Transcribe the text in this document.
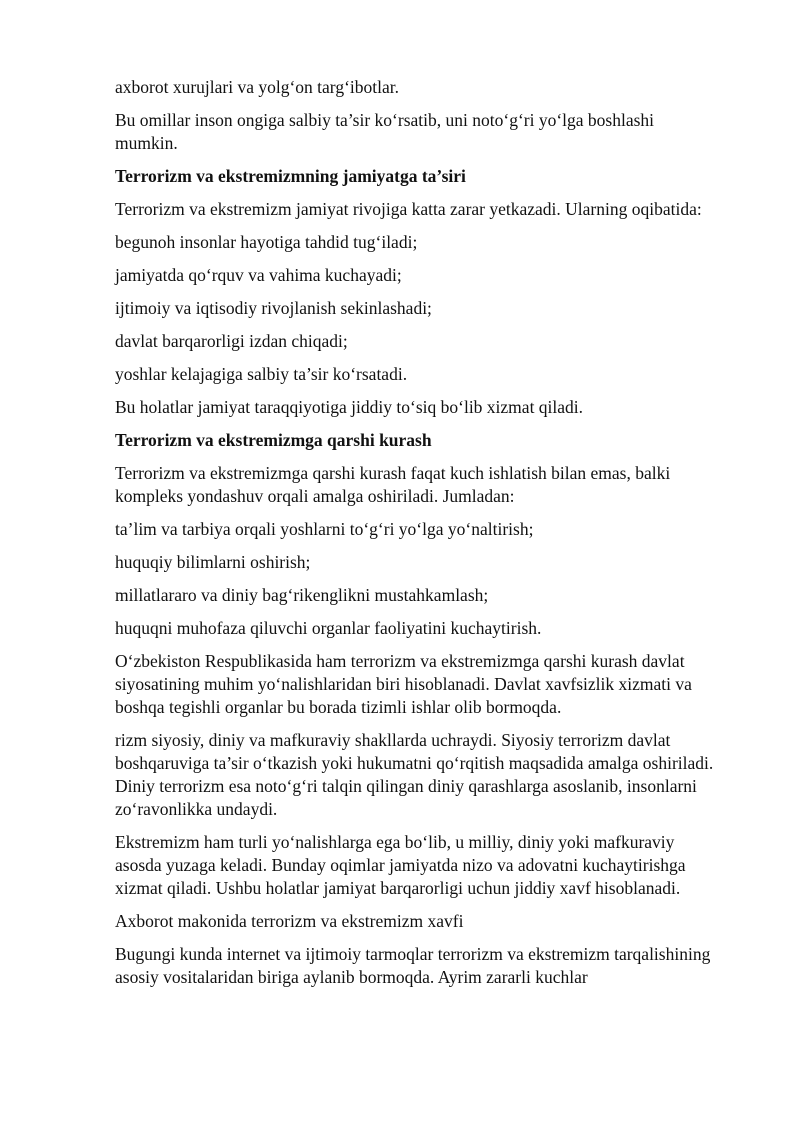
axborot xurujlari va yolg‘on targ‘ibotlar.

Bu omillar inson ongiga salbiy ta’sir ko‘rsatib, uni noto‘g‘ri yo‘lga boshlashi mumkin.

Terrorizm va ekstremizmning jamiyatga ta’siri

Terrorizm va ekstremizm jamiyat rivojiga katta zarar yetkazadi. Ularning oqibatida:

begunoh insonlar hayotiga tahdid tug‘iladi;

jamiyatda qo‘rquv va vahima kuchayadi;

ijtimoiy va iqtisodiy rivojlanish sekinlashadi;

davlat barqarorligi izdan chiqadi;

yoshlar kelajagiga salbiy ta’sir ko‘rsatadi.

Bu holatlar jamiyat taraqqiyotiga jiddiy to‘siq bo‘lib xizmat qiladi.

Terrorizm va ekstremizmga qarshi kurash

Terrorizm va ekstremizmga qarshi kurash faqat kuch ishlatish bilan emas, balki kompleks yondashuv orqali amalga oshiriladi. Jumladan:

ta’lim va tarbiya orqali yoshlarni to‘g‘ri yo‘lga yo‘naltirish;

huquqiy bilimlarni oshirish;

millatlararo va diniy bag‘rikenglikni mustahkamlash;

huquqni muhofaza qiluvchi organlar faoliyatini kuchaytirish.

O‘zbekiston Respublikasida ham terrorizm va ekstremizmga qarshi kurash davlat siyosatining muhim yo‘nalishlaridan biri hisoblanadi. Davlat xavfsizlik xizmati va boshqa tegishli organlar bu borada tizimli ishlar olib bormoqda.

rizm siyosiy, diniy va mafkuraviy shakllarda uchraydi. Siyosiy terrorizm davlat boshqaruviga ta’sir o‘tkazish yoki hukumatni qo‘rqitish maqsadida amalga oshiriladi. Diniy terrorizm esa noto‘g‘ri talqin qilingan diniy qarashlarga asoslanib, insonlarni zo‘ravonlikka undaydi.

Ekstremizm ham turli yo‘nalishlarga ega bo‘lib, u milliy, diniy yoki mafkuraviy asosda yuzaga keladi. Bunday oqimlar jamiyatda nizo va adovatni kuchaytirishga xizmat qiladi. Ushbu holatlar jamiyat barqarorligi uchun jiddiy xavf hisoblanadi.

Axborot makonida terrorizm va ekstremizm xavfi

Bugungi kunda internet va ijtimoiy tarmoqlar terrorizm va ekstremizm tarqalishining asosiy vositalaridan biriga aylanib bormoqda. Ayrim zararli kuchlar
